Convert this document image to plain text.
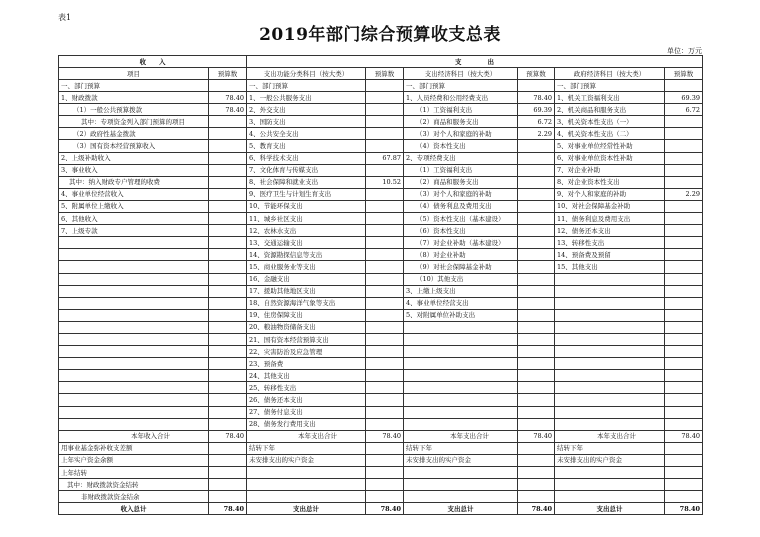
表1
2019年部门综合预算收支总表
单位：万元
收　　入		支　　　　出					
项目	预算数	支出功能分类科目（按大类）	预算数	支出经济科目（按大类）	预算数	政府经济科目（按大类）	预算数
一、部门预算		一、部门预算		一、部门预算		一、部门预算	
1、财政拨款	78.40	1、一般公共服务支出		1、人员经费和公用经费支出	78.40	1、机关工资福利支出	69.39
（1）一般公共预算拨款	78.40	2、外交支出		（1）工资福利支出	69.39	2、机关商品和服务支出	6.72
其中：专项资金列入部门预算的项目		3、国防支出		（2）商品和服务支出	6.72	3、机关资本性支出（一）	
（2）政府性基金拨款		4、公共安全支出		（3）对个人和家庭的补助	2.29	4、机关资本性支出（二）	
（3）国有资本经营预算收入		5、教育支出		（4）资本性支出		5、对事业单位经常性补助	
2、上级补助收入		6、科学技术支出	67.87	2、专项经费支出		6、对事业单位资本性补助	
3、事业收入		7、文化体育与传媒支出		（1）工资福利支出		7、对企业补助	
其中：纳入财政专户管理的收费		8、社会保障和就业支出	10.52	（2）商品和服务支出		8、对企业资本性支出	
4、事业单位经营收入		9、医疗卫生与计划生育支出		（3）对个人和家庭的补助		9、对个人和家庭的补助	2.29
5、附属单位上缴收入		10、节能环保支出		（4）债务利息及费用支出		10、对社会保障基金补助	
6、其他收入		11、城乡社区支出		（5）资本性支出（基本建设）		11、债务利息及费用支出	
7、上级专款		12、农林水支出		（6）资本性支出		12、债务还本支出	
		13、交通运输支出		（7）对企业补助（基本建设）		13、转移性支出	
		14、资源勘探信息等支出		（8）对企业补助		14、预备费及预留	
		15、商业服务业等支出		（9）对社会保障基金补助		15、其他支出	
		16、金融支出		（10）其他支出			
		17、援助其他地区支出		3、上缴上级支出			
		18、自然资源海洋气象等支出		4、事业单位经营支出			
		19、住房保障支出		5、对附属单位补助支出			
		20、粮油物资储备支出					
		21、国有资本经营预算支出					
		22、灾害防治及应急管理					
		23、预备费					
		24、其他支出					
		25、转移性支出					
		26、债务还本支出					
		27、债务付息支出					
		28、债务发行费用支出					
本年收入合计	78.40	本年支出合计	78.40	本年支出合计	78.40	本年支出合计	78.40
用事业基金弥补收支差额		结转下年		结转下年		结转下年	
上年实户资金余额		未安排支出的实户资金		未安排支出的实户资金		未安排支出的实户资金	
上年结转							
其中：财政拨款资金结转							
非财政拨款资金结余							
收入总计	78.40	支出总计	78.40	支出总计	78.40	支出总计	78.40
